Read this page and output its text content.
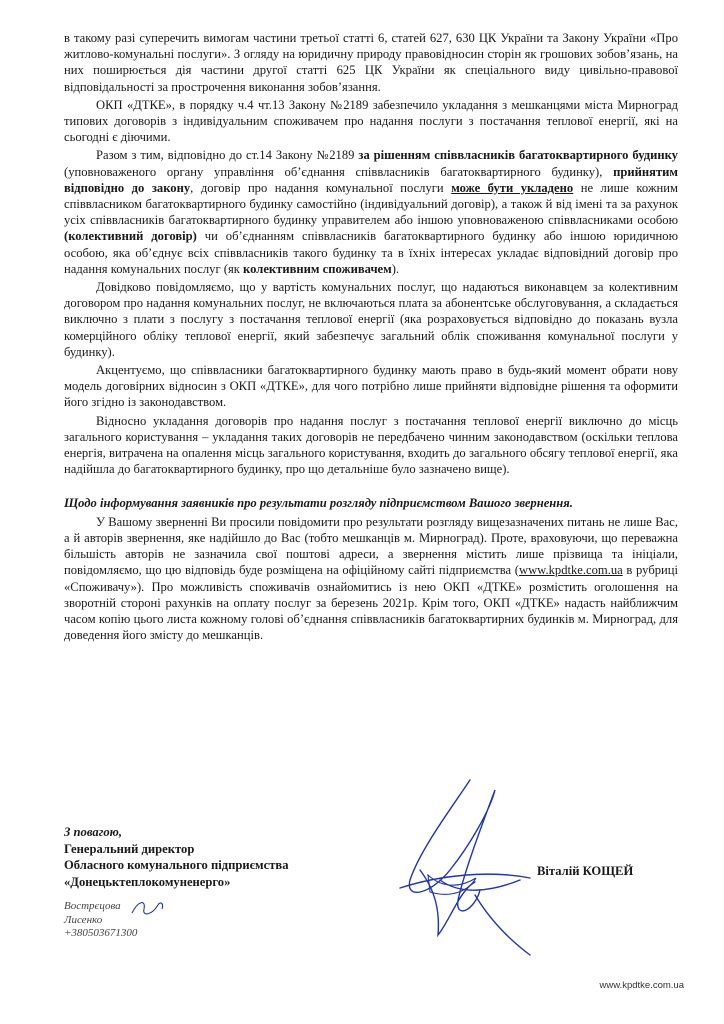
в такому разі суперечить вимогам частини третьої статті 6, статей 627, 630 ЦК України та Закону України «Про житлово-комунальні послуги». З огляду на юридичну природу правовідносин сторін як грошових зобов’язань, на них поширюється дія частини другої статті 625 ЦК України як спеціального виду цивільно-правової відповідальності за прострочення виконання зобов’язання.

ОКП «ДТКЕ», в порядку ч.4 чт.13 Закону №2189 забезпечило укладання з мешканцями міста Мирноград типових договорів з індивідуальним споживачем про надання послуги з постачання теплової енергії, які на сьогодні є діючими.

Разом з тим, відповідно до ст.14 Закону №2189 за рішенням співвласників багатоквартирного будинку (уповноваженого органу управління об’єднання співвласників багатоквартирного будинку), прийнятим відповідно до закону, договір про надання комунальної послуги може бути укладено не лише кожним співвласником багатоквартирного будинку самостійно (індивідуальний договір), а також й від імені та за рахунок усіх співвласників багатоквартирного будинку управителем або іншою уповноваженою співвласниками особою (колективний договір) чи об’єднанням співвласників багатоквартирного будинку або іншою юридичною особою, яка об’єднує всіх співвласників такого будинку та в їхніх інтересах укладає відповідний договір про надання комунальних послуг (як колективним споживачем).

Довідково повідомляємо, що у вартість комунальних послуг, що надаються виконавцем за колективним договором про надання комунальних послуг, не включаються плата за абонентське обслуговування, а складається виключно з плати з послугу з постачання теплової енергії (яка розраховується відповідно до показань вузла комерційного обліку теплової енергії, який забезпечує загальний облік споживання комунальної послуги у будинку).

Акцентуємо, що співвласники багатоквартирного будинку мають право в будь-який момент обрати нову модель договірних відносин з ОКП «ДТКЕ», для чого потрібно лише прийняти відповідне рішення та оформити його згідно із законодавством.

Відносно укладання договорів про надання послуг з постачання теплової енергії виключно до місць загального користування – укладання таких договорів не передбачено чинним законодавством (оскільки теплова енергія, витрачена на опалення місць загального користування, входить до загального обсягу теплової енергії, яка надійшла до багатоквартирного будинку, про що детальніше було зазначено вище).

Щодо інформування заявників про результати розгляду підприємством Вашого звернення.

У Вашому зверненні Ви просили повідомити про результати розгляду вищезазначених питань не лише Вас, а й авторів звернення, яке надійшло до Вас (тобто мешканців м. Мирноград). Проте, враховуючи, що переважна більшість авторів не зазначила свої поштові адреси, а звернення містить лише прізвища та ініціали, повідомляємо, що цю відповідь буде розміщена на офіційному сайті підприємства (www.kpdtke.com.ua в рубриці «Споживачу»). Про можливість споживачів ознайомитись із нею ОКП «ДТКЕ» розмістить оголошення на зворотній стороні рахунків на оплату послуг за березень 2021р. Крім того, ОКП «ДТКЕ» надасть найближчим часом копію цього листа кожному голові об’єднання співвласників багатоквартирних будинків м. Мирноград, для доведення його змісту до мешканців.

З повагою,
Генеральний директор
Обласного комунального підприємства
«Донецьктеплокомуненерго»
Віталій КОЩЕЙ
Вострєцова
Лисенко
+380503671300
www.kpdtke.com.ua
